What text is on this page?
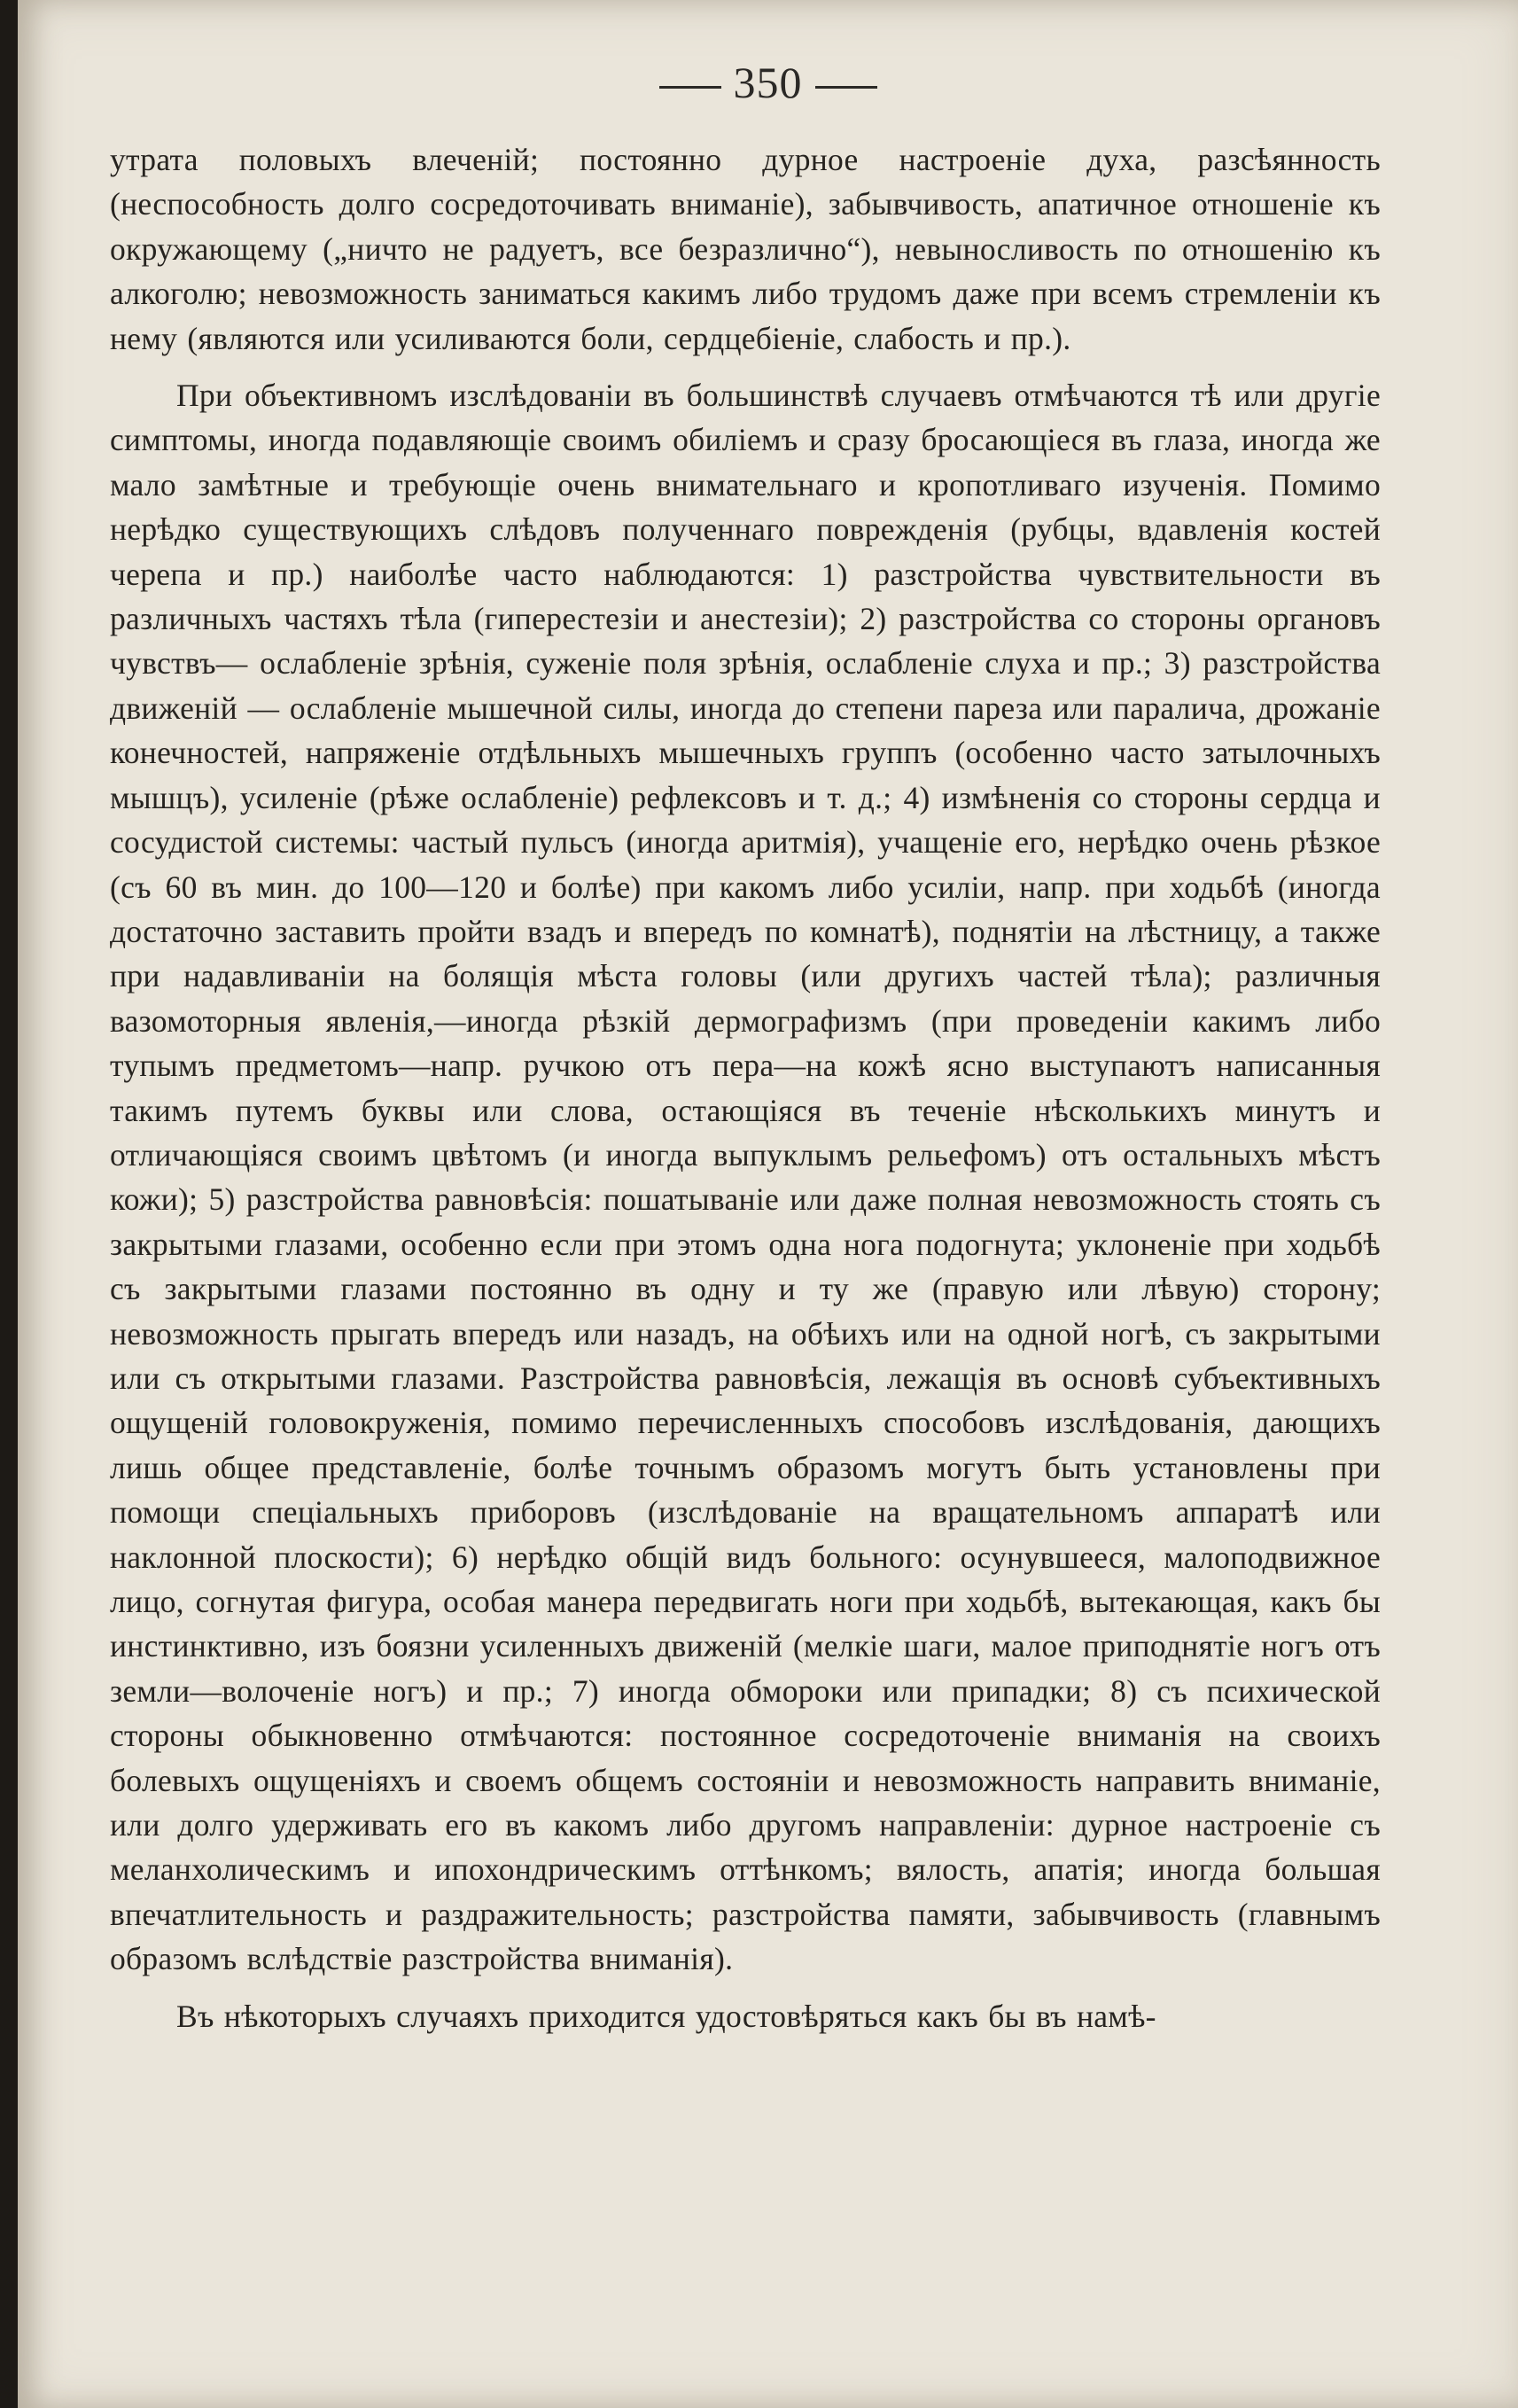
350

утрата половыхъ влеченій; постоянно дурное настроеніе духа, разсѣянность (неспособность долго сосредоточивать вниманіе), забывчивость, апатичное отношеніе къ окружающему („ничто не радуетъ, все безразлично“), невыносливость по отношенію къ алкоголю; невозможность заниматься какимъ либо трудомъ даже при всемъ стремленіи къ нему (являются или усиливаются боли, сердцебіеніе, слабость и пр.).

При объективномъ изслѣдованіи въ большинствѣ случаевъ отмѣчаются тѣ или другіе симптомы, иногда подавляющіе своимъ обиліемъ и сразу бросающіеся въ глаза, иногда же мало замѣтные и требующіе очень внимательнаго и кропотливаго изученія. Помимо нерѣдко существующихъ слѣдовъ полученнаго поврежденія (рубцы, вдавленія костей черепа и пр.) наиболѣе часто наблюдаются: 1) разстройства чувствительности въ различныхъ частяхъ тѣла (гиперестезіи и анестезіи); 2) разстройства со стороны органовъ чувствъ— ослабленіе зрѣнія, суженіе поля зрѣнія, ослабленіе слуха и пр.; 3) разстройства движеній — ослабленіе мышечной силы, иногда до степени пареза или паралича, дрожаніе конечностей, напряженіе отдѣльныхъ мышечныхъ группъ (особенно часто затылочныхъ мышцъ), усиленіе (рѣже ослабленіе) рефлексовъ и т. д.; 4) измѣненія со стороны сердца и сосудистой системы: частый пульсъ (иногда аритмія), учащеніе его, нерѣдко очень рѣзкое (съ 60 въ мин. до 100—120 и болѣе) при какомъ либо усиліи, напр. при ходьбѣ (иногда достаточно заставить пройти взадъ и впередъ по комнатѣ), поднятіи на лѣстницу, а также при надавливаніи на болящія мѣста головы (или другихъ частей тѣла); различныя вазомоторныя явленія,—иногда рѣзкій дермографизмъ (при проведеніи какимъ либо тупымъ предметомъ—напр. ручкою отъ пера—на кожѣ ясно выступаютъ написанныя такимъ путемъ буквы или слова, остающіяся въ теченіе нѣсколькихъ минутъ и отличающіяся своимъ цвѣтомъ (и иногда выпуклымъ рельефомъ) отъ остальныхъ мѣстъ кожи); 5) разстройства равновѣсія: пошатываніе или даже полная невозможность стоять съ закрытыми глазами, особенно если при этомъ одна нога подогнута; уклоненіе при ходьбѣ съ закрытыми глазами постоянно въ одну и ту же (правую или лѣвую) сторону; невозможность прыгать впередъ или назадъ, на обѣихъ или на одной ногѣ, съ закрытыми или съ открытыми глазами. Разстройства равновѣсія, лежащія въ основѣ субъективныхъ ощущеній головокруженія, помимо перечисленныхъ способовъ изслѣдованія, дающихъ лишь общее представленіе, болѣе точнымъ образомъ могутъ быть установлены при помощи спеціальныхъ приборовъ (изслѣдованіе на вращательномъ аппаратѣ или наклонной плоскости); 6) нерѣдко общій видъ больного: осунувшееся, малоподвижное лицо, согнутая фигура, особая манера передвигать ноги при ходьбѣ, вытекающая, какъ бы инстинктивно, изъ боязни усиленныхъ движеній (мелкіе шаги, малое приподнятіе ногъ отъ земли—волоченіе ногъ) и пр.; 7) иногда обмороки или припадки; 8) съ психической стороны обыкновенно отмѣчаются: постоянное сосредоточеніе вниманія на своихъ болевыхъ ощущеніяхъ и своемъ общемъ состояніи и невозможность направить вниманіе, или долго удерживать его въ какомъ либо другомъ направленіи: дурное настроеніе съ меланхолическимъ и ипохондрическимъ оттѣнкомъ; вялость, апатія; иногда большая впечатлительность и раздражительность; разстройства памяти, забывчивость (главнымъ образомъ вслѣдствіе разстройства вниманія).

Въ нѣкоторыхъ случаяхъ приходится удостовѣряться какъ бы въ намѣ-
